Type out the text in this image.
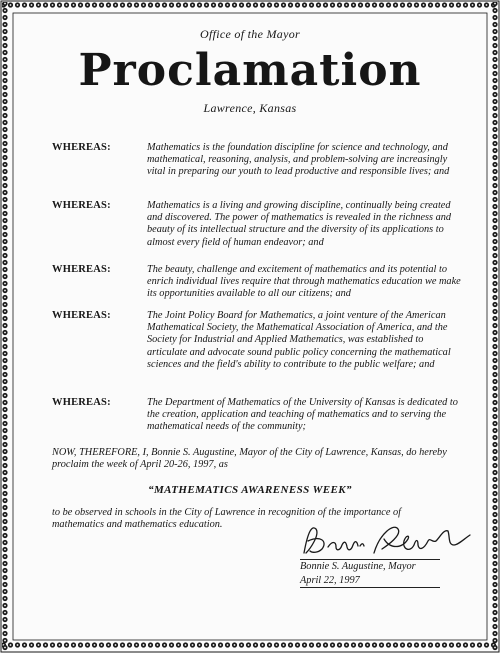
Office of the Mayor
Proclamation
Lawrence, Kansas
WHEREAS:	Mathematics is the foundation discipline for science and technology, and mathematical, reasoning, analysis, and problem-solving are increasingly vital in preparing our youth to lead productive and responsible lives; and
WHEREAS:	Mathematics is a living and growing discipline, continually being created and discovered. The power of mathematics is revealed in the richness and beauty of its intellectual structure and the diversity of its applications to almost every field of human endeavor; and
WHEREAS:	The beauty, challenge and excitement of mathematics and its potential to enrich individual lives require that through mathematics education we make its opportunities available to all our citizens; and
WHEREAS:	The Joint Policy Board for Mathematics, a joint venture of the American Mathematical Society, the Mathematical Association of America, and the Society for Industrial and Applied Mathematics, was established to articulate and advocate sound public policy concerning the mathematical sciences and the field's ability to contribute to the public welfare; and
WHEREAS:	The Department of Mathematics of the University of Kansas is dedicated to the creation, application and teaching of mathematics and to serving the mathematical needs of the community;
NOW, THEREFORE, I, Bonnie S. Augustine, Mayor of the City of Lawrence, Kansas, do hereby proclaim the week of April 20-26, 1997, as
“MATHEMATICS AWARENESS WEEK”
to be observed in schools in the City of Lawrence in recognition of the importance of mathematics and mathematics education.
Bonnie S. Augustine, Mayor
April 22, 1997
